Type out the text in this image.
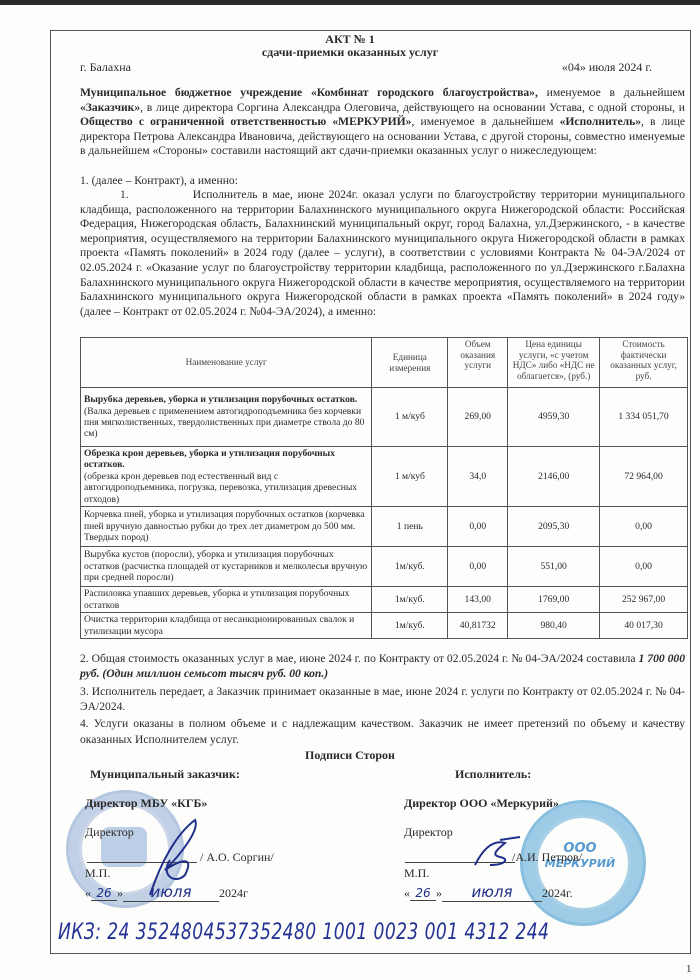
АКТ № 1
сдачи-приемки оказанных услуг
г. Балахна	«04» июля 2024 г.
Муниципальное бюджетное учреждение «Комбинат городского благоустройства», именуемое в дальнейшем «Заказчик», в лице директора Соргина Александра Олеговича, действующего на основании Устава, с одной стороны, и Общество с ограниченной ответственностью «МЕРКУРИЙ», именуемое в дальнейшем «Исполнитель», в лице директора Петрова Александра Ивановича, действующего на основании Устава, с другой стороны, совместно именуемые в дальнейшем «Стороны» составили настоящий акт сдачи-приемки оказанных услуг о нижеследующем:
1. (далее – Контракт), а именно:
1.	Исполнитель в мае, июне 2024г. оказал услуги по благоустройству территории муниципального кладбища, расположенного на территории Балахнинского муниципального округа Нижегородской области: Российская Федерация, Нижегородская область, Балахнинский муниципальный округ, город Балахна, ул.Дзержинского, - в качестве мероприятия, осуществляемого на территории Балахнинского муниципального округа Нижегородской области в рамках проекта «Память поколений» в 2024 году (далее – услуги), в соответствии с условиями Контракта № 04-ЭА/2024 от 02.05.2024 г. «Оказание услуг по благоустройству территории кладбища, расположенного по ул.Дзержинского г.Балахна Балахнинского муниципального округа Нижегородской области в качестве мероприятия, осуществляемого на территории Балахнинского муниципального округа Нижегородской области в рамках проекта «Память поколений» в 2024 году» (далее – Контракт от 02.05.2024 г. №04-ЭА/2024), а именно:
Наименование услуг	Единица измерения	Объем оказания услуги	Цена единицы услуги, «с учетом НДС» либо «НДС не облагается», (руб.)	Стоимость фактически оказанных услуг, руб.
Вырубка деревьев, уборка и утилизация порубочных остатков.
(Валка деревьев с применением автогидроподъемника без корчевки пня мягколиственных, твердолиственных при диаметре ствола до 80 см)	1 м/куб	269,00	4959,30	1 334 051,70
Обрезка крон деревьев, уборка и утилизация порубочных остатков.
(обрезка крон деревьев под естественный вид с автогидроподъемника, погрузка, перевозка, утилизация древесных отходов)	1 м/куб	34,0	2146,00	72 964,00
Корчевка пней, уборка и утилизация порубочных остатков (корчевка пней вручную давностью рубки до трех лет диаметром до 500 мм. Твердых пород)	1 пень	0,00	2095,30	0,00
Вырубка кустов (поросли), уборка и утилизация порубочных остатков (расчистка площадей от кустарников и мелколесья вручную при средней поросли)	1м/куб.	0,00	551,00	0,00
Распиловка упавших деревьев, уборка и утилизация порубочных остатков	1м/куб.	143,00	1769,00	252 967,00
Очистка территории кладбища от несанкционированных свалок и утилизации мусора	1м/куб.	40,81732	980,40	40 017,30
2. Общая стоимость оказанных услуг в мае, июне 2024 г. по Контракту от 02.05.2024 г. № 04-ЭА/2024 составила 1 700 000 руб. (Один миллион семьсот тысяч руб. 00 коп.)
3. Исполнитель передает, а Заказчик принимает оказанные в мае, июне 2024 г. услуги по Контракту от 02.05.2024 г. № 04-ЭА/2024.
4. Услуги оказаны в полном объеме и с надлежащим качеством. Заказчик не имеет претензий по объему и качеству оказанных Исполнителем услуг.
Подписи Сторон
Муниципальный заказчик:	Исполнитель:
ООО
МЕРКУРИЙ
Директор МБУ «КГБ»	Директор ООО «Меркурий»
Директор	Директор
/ А.О. Соргин/	/А.И. Петров/
М.П.	М.П.
« 26 » июля 2024г	« 26 » июля 2024г.
ИКЗ: 24 3524804537352480 1001 0023 001 4312 244
1
